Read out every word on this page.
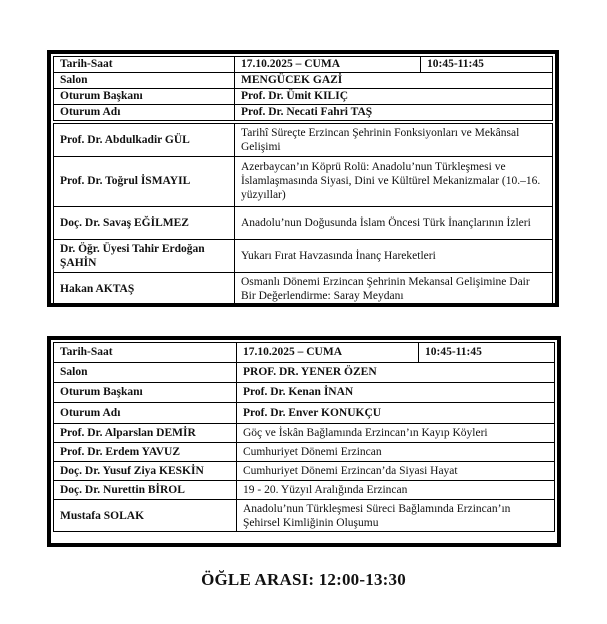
Tarih-Saat	17.10.2025 – CUMA	10:45-11:45
Salon	MENGÜCEK GAZİ	
Oturum Başkanı	Prof. Dr. Ümit KILIÇ	
Oturum Adı	Prof. Dr. Necati Fahri TAŞ	
Prof. Dr. Abdulkadir GÜL	Tarihî Süreçte Erzincan Şehrinin Fonksiyonları ve Mekânsal Gelişimi	
Prof. Dr. Toğrul İSMAYIL	Azerbaycan’ın Köprü Rolü: Anadolu’nun Türkleşmesi ve İslamlaşmasında Siyasi, Dini ve Kültürel Mekanizmalar (10.–16. yüzyıllar)	
Doç. Dr. Savaş EĞİLMEZ	Anadolu’nun Doğusunda İslam Öncesi Türk İnançlarının İzleri	
Dr. Öğr. Üyesi Tahir Erdoğan ŞAHİN	Yukarı Fırat Havzasında İnanç Hareketleri	
Hakan AKTAŞ	Osmanlı Dönemi Erzincan Şehrinin Mekansal Gelişimine Dair Bir Değerlendirme: Saray Meydanı	
Tarih-Saat	17.10.2025 – CUMA	10:45-11:45
Salon	PROF. DR. YENER ÖZEN	
Oturum Başkanı	Prof. Dr. Kenan İNAN	
Oturum Adı	Prof. Dr. Enver KONUKÇU	
Prof. Dr. Alparslan DEMİR	Göç ve İskân Bağlamında Erzincan’ın Kayıp Köyleri	
Prof. Dr. Erdem YAVUZ	Cumhuriyet Dönemi Erzincan	
Doç. Dr. Yusuf Ziya KESKİN	Cumhuriyet Dönemi Erzincan’da Siyasi Hayat	
Doç. Dr. Nurettin BİROL	19 - 20. Yüzyıl Aralığında Erzincan	
Mustafa SOLAK	Anadolu’nun Türkleşmesi Süreci Bağlamında Erzincan’ın Şehirsel Kimliğinin Oluşumu	
ÖĞLE ARASI: 12:00-13:30
